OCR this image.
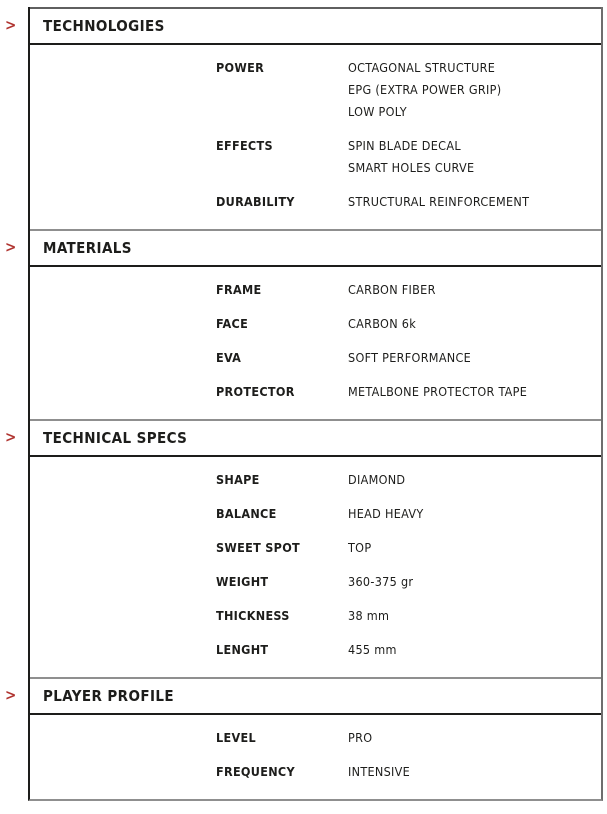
> TECHNOLOGIES
POWER	OCTAGONAL STRUCTURE
EPG (EXTRA POWER GRIP)
LOW POLY
EFFECTS	SPIN BLADE DECAL
SMART HOLES CURVE
DURABILITY	STRUCTURAL REINFORCEMENT
> MATERIALS
FRAME	CARBON FIBER
FACE	CARBON 6k
EVA	SOFT PERFORMANCE
PROTECTOR	METALBONE PROTECTOR TAPE
> TECHNICAL SPECS
SHAPE	DIAMOND
BALANCE	HEAD HEAVY
SWEET SPOT	TOP
WEIGHT	360-375 gr
THICKNESS	38 mm
LENGHT	455 mm
> PLAYER PROFILE
LEVEL	PRO
FREQUENCY	INTENSIVE
